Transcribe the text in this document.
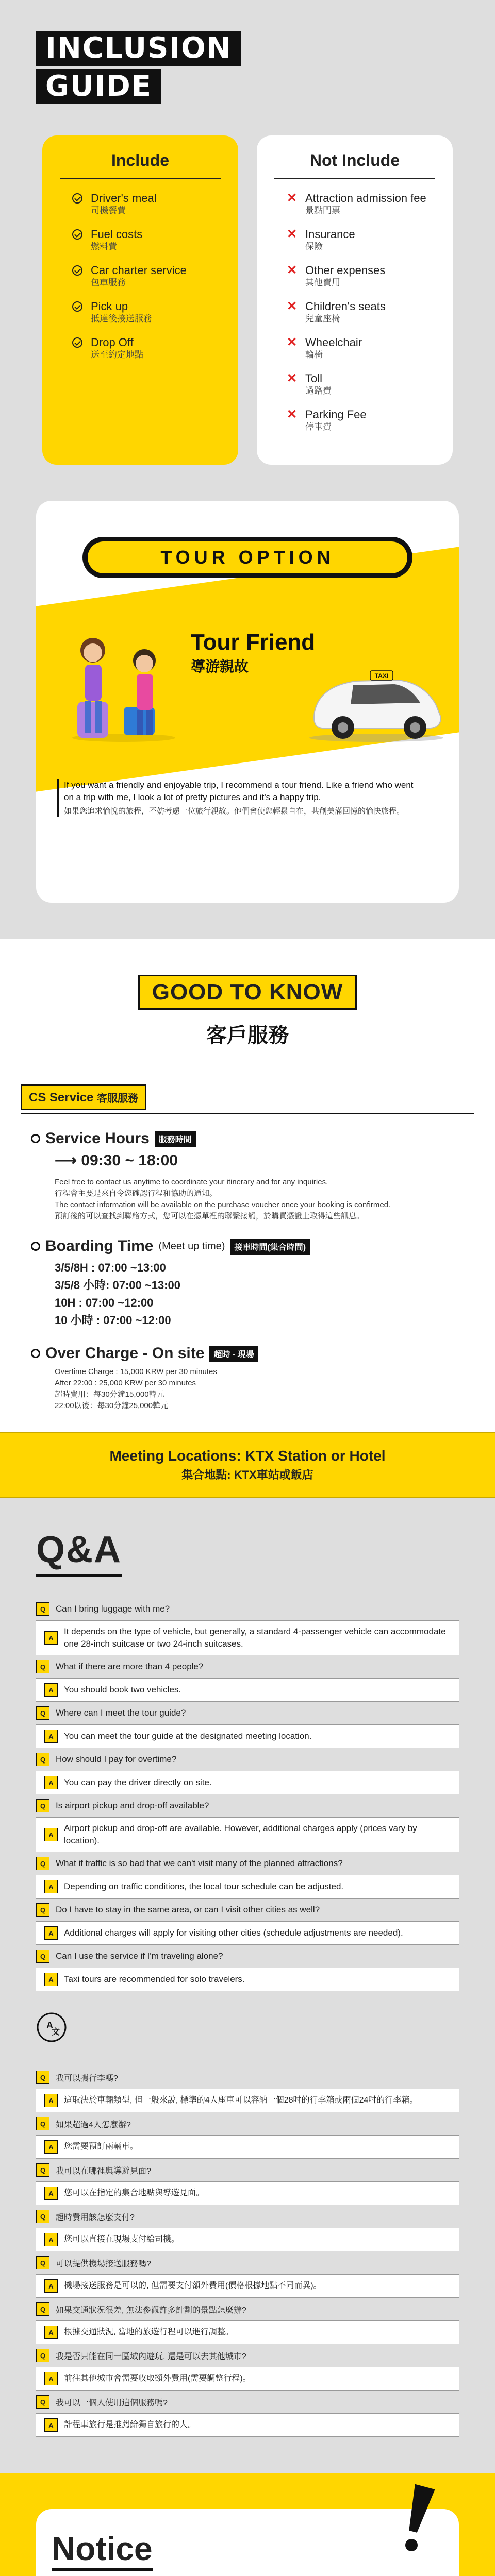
INCLUSION
GUIDE
Include
Driver's meal
司機餐費
Fuel costs
燃料費
Car charter service
包車服務
Pick up
抵達後接送服務
Drop Off
送至約定地點
Not Include
✕ Attraction admission fee
景點門票
✕ Insurance
保險
✕ Other expenses
其他費用
✕ Children's seats
兒童座椅
✕ Wheelchair
輪椅
✕ Toll
過路費
✕ Parking Fee
停車費
TOUR OPTION
Tour Friend
導游親故
TAXI
If you want a friendly and enjoyable trip, I recommend a tour friend. Like a friend who went on a trip with me, I look a lot of pretty pictures and it's a happy trip.
如果您追求愉悅的旅程，不妨考慮一位旅行親故。他們會使您輕鬆自在，共創美滿回憶的愉快旅程。
GOOD TO KNOW
客戶服務
CS Service 客服服務
Service Hours	服務時間
⟶ 09:30 ~ 18:00
Feel free to contact us anytime to coordinate your itinerary and for any inquiries.
行程會主要是來自令您確認行程和協助的通知。
The contact information will be available on the purchase voucher once your booking is confirmed.
預訂後的可以查找到聯絡方式，您可以在憑單裡的聯繫接觸，於購買憑證上取得這些訊息。
Boarding Time (Meet up time)	接車時間(集合時間)
3/5/8H : 07:00 ~13:00
3/5/8 小時: 07:00 ~13:00
10H : 07:00 ~12:00
10 小時 : 07:00 ~12:00
Over Charge - On site	超時 - 現場
Overtime Charge : 15,000 KRW per 30 minutes
After 22:00 : 25,000 KRW per 30 minutes
超時費用：每30分鐘15,000韓元
22:00以後：每30分鐘25,000韓元
Meeting Locations: KTX Station or Hotel
集合地點: KTX車站或飯店
Q&A
Q	Can I bring luggage with me?
A
It depends on the type of vehicle, but generally, a standard 4-passenger vehicle can accommodate one 28-inch suitcase or two 24-inch suitcases.
Q	What if there are more than 4 people?
A	You should book two vehicles.
Q	Where can I meet the tour guide?
A	You can meet the tour guide at the designated meeting location.
Q	How should I pay for overtime?
A	You can pay the driver directly on site.
Q	Is airport pickup and drop-off available?
A
Airport pickup and drop-off are available. However, additional charges apply (prices vary by location).
Q	What if traffic is so bad that we can't visit many of the planned attractions?
A	Depending on traffic conditions, the local tour schedule can be adjusted.
Q	Do I have to stay in the same area, or can I visit other cities as well?
A	Additional charges will apply for visiting other cities (schedule adjustments are needed).
Q	Can I use the service if I'm traveling alone?
A	Taxi tours are recommended for solo travelers.
A
文
Q	我可以攜行李嗎?
A	這取決於車輛類型, 但一般來說, 標準的4人座車可以容納一個28吋的行李箱或兩個24吋的行李箱。
Q	如果超過4人怎麼辦?
A	您需要預訂兩輛車。
Q	我可以在哪裡與導遊見面?
A	您可以在指定的集合地點與導遊見面。
Q	超時費用該怎麼支付?
A	您可以直接在現場支付給司機。
Q	可以提供機場接送服務嗎?
A	機場接送服務是可以的, 但需要支付額外費用(價格根據地點不同而異)。
Q	如果交通狀況很差, 無法參觀許多計劃的景點怎麼辦?
A	根據交通狀況, 當地的旅遊行程可以進行調整。
Q	我是否只能在同一區域內遊玩, 還是可以去其他城市?
A	前往其他城市會需要收取額外費用(需要調整行程)。
Q	我可以一個人使用這個服務嗎?
A	計程車旅行是推薦給獨自旅行的人。
Notice
